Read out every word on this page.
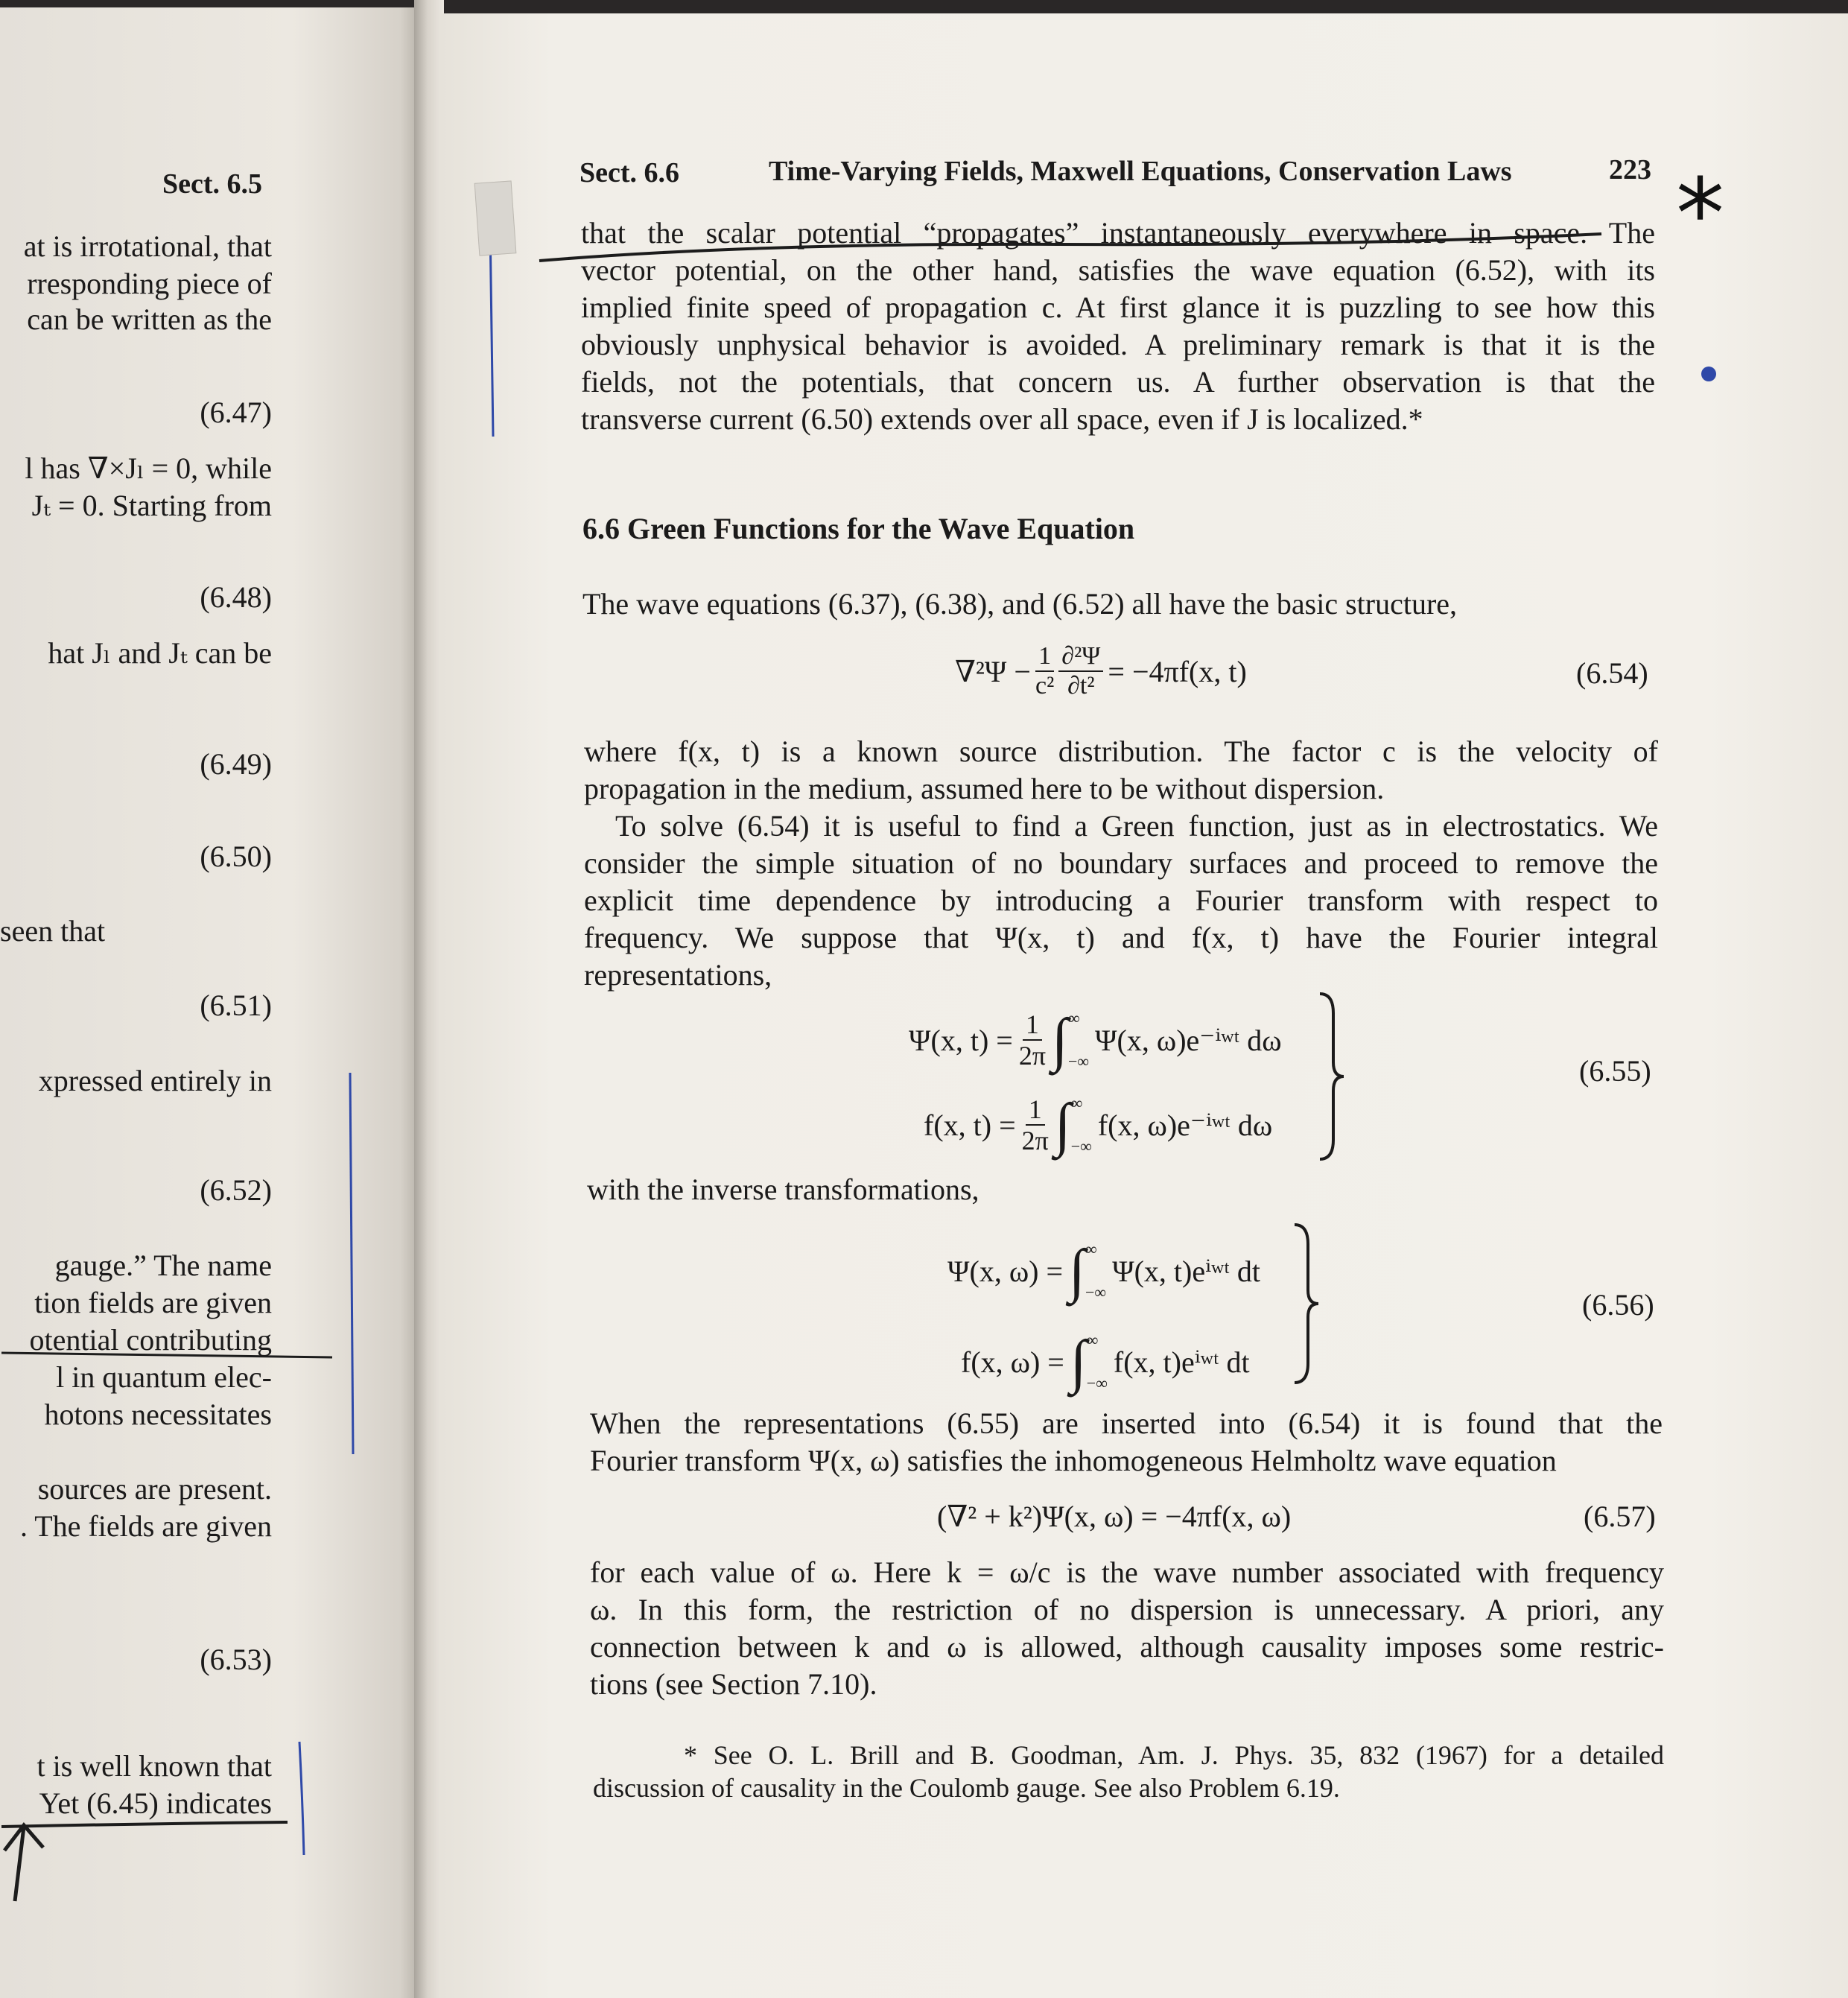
Sect. 6.5
at is irrotational, that
rresponding piece of
can be written as the
(6.47)
l has ∇×Jₗ = 0, while
Jₜ = 0. Starting from
(6.48)
hat Jₗ and Jₜ can be
(6.49)
(6.50)
seen that
(6.51)
xpressed entirely in
(6.52)
gauge.” The name
tion fields are given
otential contributing
l in quantum elec-
hotons necessitates
sources are present.
. The fields are given
(6.53)
t is well known that
Yet (6.45) indicates
Sect. 6.6	Time-Varying Fields, Maxwell Equations, Conservation Laws	223
that the scalar potential “propagates” instantaneously everywhere in space. The
vector potential, on the other hand, satisfies the wave equation (6.52), with its
implied finite speed of propagation c. At first glance it is puzzling to see how this
obviously unphysical behavior is avoided. A preliminary remark is that it is the
fields, not the potentials, that concern us. A further observation is that the
transverse current (6.50) extends over all space, even if J is localized.*
6.6 Green Functions for the Wave Equation
The wave equations (6.37), (6.38), and (6.52) all have the basic structure,
$\nabla^2\Psi - \frac{1}{\text{c²}} \frac{\text{∂²Ψ}}{\text{∂t²}} = -4\pi f(x$, t)	(6.54)
where f(x, t) is a known source distribution. The factor c is the velocity of
propagation in the medium, assumed here to be without dispersion.
To solve (6.54) it is useful to find a Green function, just as in electrostatics. We
consider the simple situation of no boundary surfaces and proceed to remove the
explicit time dependence by introducing a Fourier transform with respect to
frequency. We suppose that Ψ(x, t) and f(x, t) have the Fourier integral
representations,
Ψ(x, $t) = \frac{1}{2\pi}$ ∫ ∞
−∞
Ψ(x, ω)e⁻ⁱʷᵗ dω
f(x, $t) = \frac{1}{2\pi}$ ∫ ∞
−∞
f(x, ω)e⁻ⁱʷᵗ dω
(6.55)
with the inverse transformations,
Ψ(x, ω) = ∫ ∞
−∞
Ψ(x, t)eⁱʷᵗ dt
f(x, ω) = ∫ ∞
−∞
f(x, t)eⁱʷᵗ dt
(6.56)
When the representations (6.55) are inserted into (6.54) it is found that the
Fourier transform Ψ(x, ω) satisfies the inhomogeneous Helmholtz wave equation
(∇² + k²)Ψ(x, ω) = −4πf(x, ω)	(6.57)
for each value of ω. Here k = ω/c is the wave number associated with frequency
ω. In this form, the restriction of no dispersion is unnecessary. A priori, any
connection between k and ω is allowed, although causality imposes some restric-
tions (see Section 7.10).
* See O. L. Brill and B. Goodman, Am. J. Phys. 35, 832 (1967) for a detailed
discussion of causality in the Coulomb gauge. See also Problem 6.19.
*
